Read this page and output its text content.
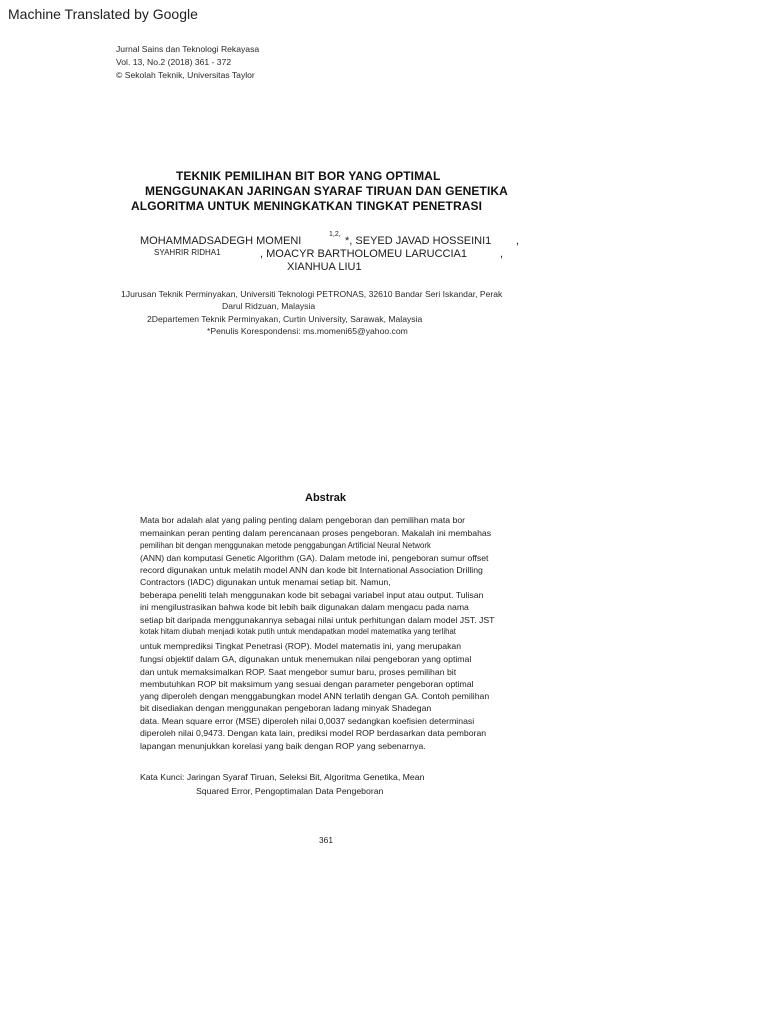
Machine Translated by Google
Jurnal Sains dan Teknologi Rekayasa
Vol. 13, No.2 (2018) 361 - 372
© Sekolah Teknik, Universitas Taylor
TEKNIK PEMILIHAN BIT BOR YANG OPTIMAL
MENGGUNAKAN JARINGAN SYARAF TIRUAN DAN GENETIKA
ALGORITMA UNTUK MENINGKATKAN TINGKAT PENETRASI
MOHAMMADSADEGH MOMENI
1,2,
*, SEYED JAVAD HOSSEINI1 ,
SYAHRIR RIDHA1	, MOACYR BARTHOLOMEU LARUCCIA1	,
XIANHUA LIU1
1Jurusan Teknik Perminyakan, Universiti Teknologi PETRONAS, 32610 Bandar Seri Iskandar, Perak
Darul Ridzuan, Malaysia
2Departemen Teknik Perminyakan, Curtin University, Sarawak, Malaysia
*Penulis Korespondensi: ms.momeni65@yahoo.com
Abstrak
Mata bor adalah alat yang paling penting dalam pengeboran dan pemilihan mata bor
memainkan peran penting dalam perencanaan proses pengeboran. Makalah ini membahas
pemilihan bit dengan menggunakan metode penggabungan Artificial Neural Network
(ANN) dan komputasi Genetic Algorithm (GA). Dalam metode ini, pengeboran sumur offset
record digunakan untuk melatih model ANN dan kode bit International Association Drilling
Contractors (IADC) digunakan untuk menamai setiap bit. Namun,
beberapa peneliti telah menggunakan kode bit sebagai variabel input atau output. Tulisan
ini mengilustrasikan bahwa kode bit lebih baik digunakan dalam mengacu pada nama
setiap bit daripada menggunakannya sebagai nilai untuk perhitungan dalam model JST. JST
kotak hitam diubah menjadi kotak putih untuk mendapatkan model matematika yang terlihat
untuk memprediksi Tingkat Penetrasi (ROP). Model matematis ini, yang merupakan
fungsi objektif dalam GA, digunakan untuk menemukan nilai pengeboran yang optimal
dan untuk memaksimalkan ROP. Saat mengebor sumur baru, proses pemilihan bit
membutuhkan ROP bit maksimum yang sesuai dengan parameter pengeboran optimal
yang diperoleh dengan menggabungkan model ANN terlatih dengan GA. Contoh pemilihan
bit disediakan dengan menggunakan pengeboran ladang minyak Shadegan
data. Mean square error (MSE) diperoleh nilai 0,0037 sedangkan koefisien determinasi
diperoleh nilai 0,9473. Dengan kata lain, prediksi model ROP berdasarkan data pemboran
lapangan menunjukkan korelasi yang baik dengan ROP yang sebenarnya.
Kata Kunci: Jaringan Syaraf Tiruan, Seleksi Bit, Algoritma Genetika, Mean
Squared Error, Pengoptimalan Data Pengeboran
361
